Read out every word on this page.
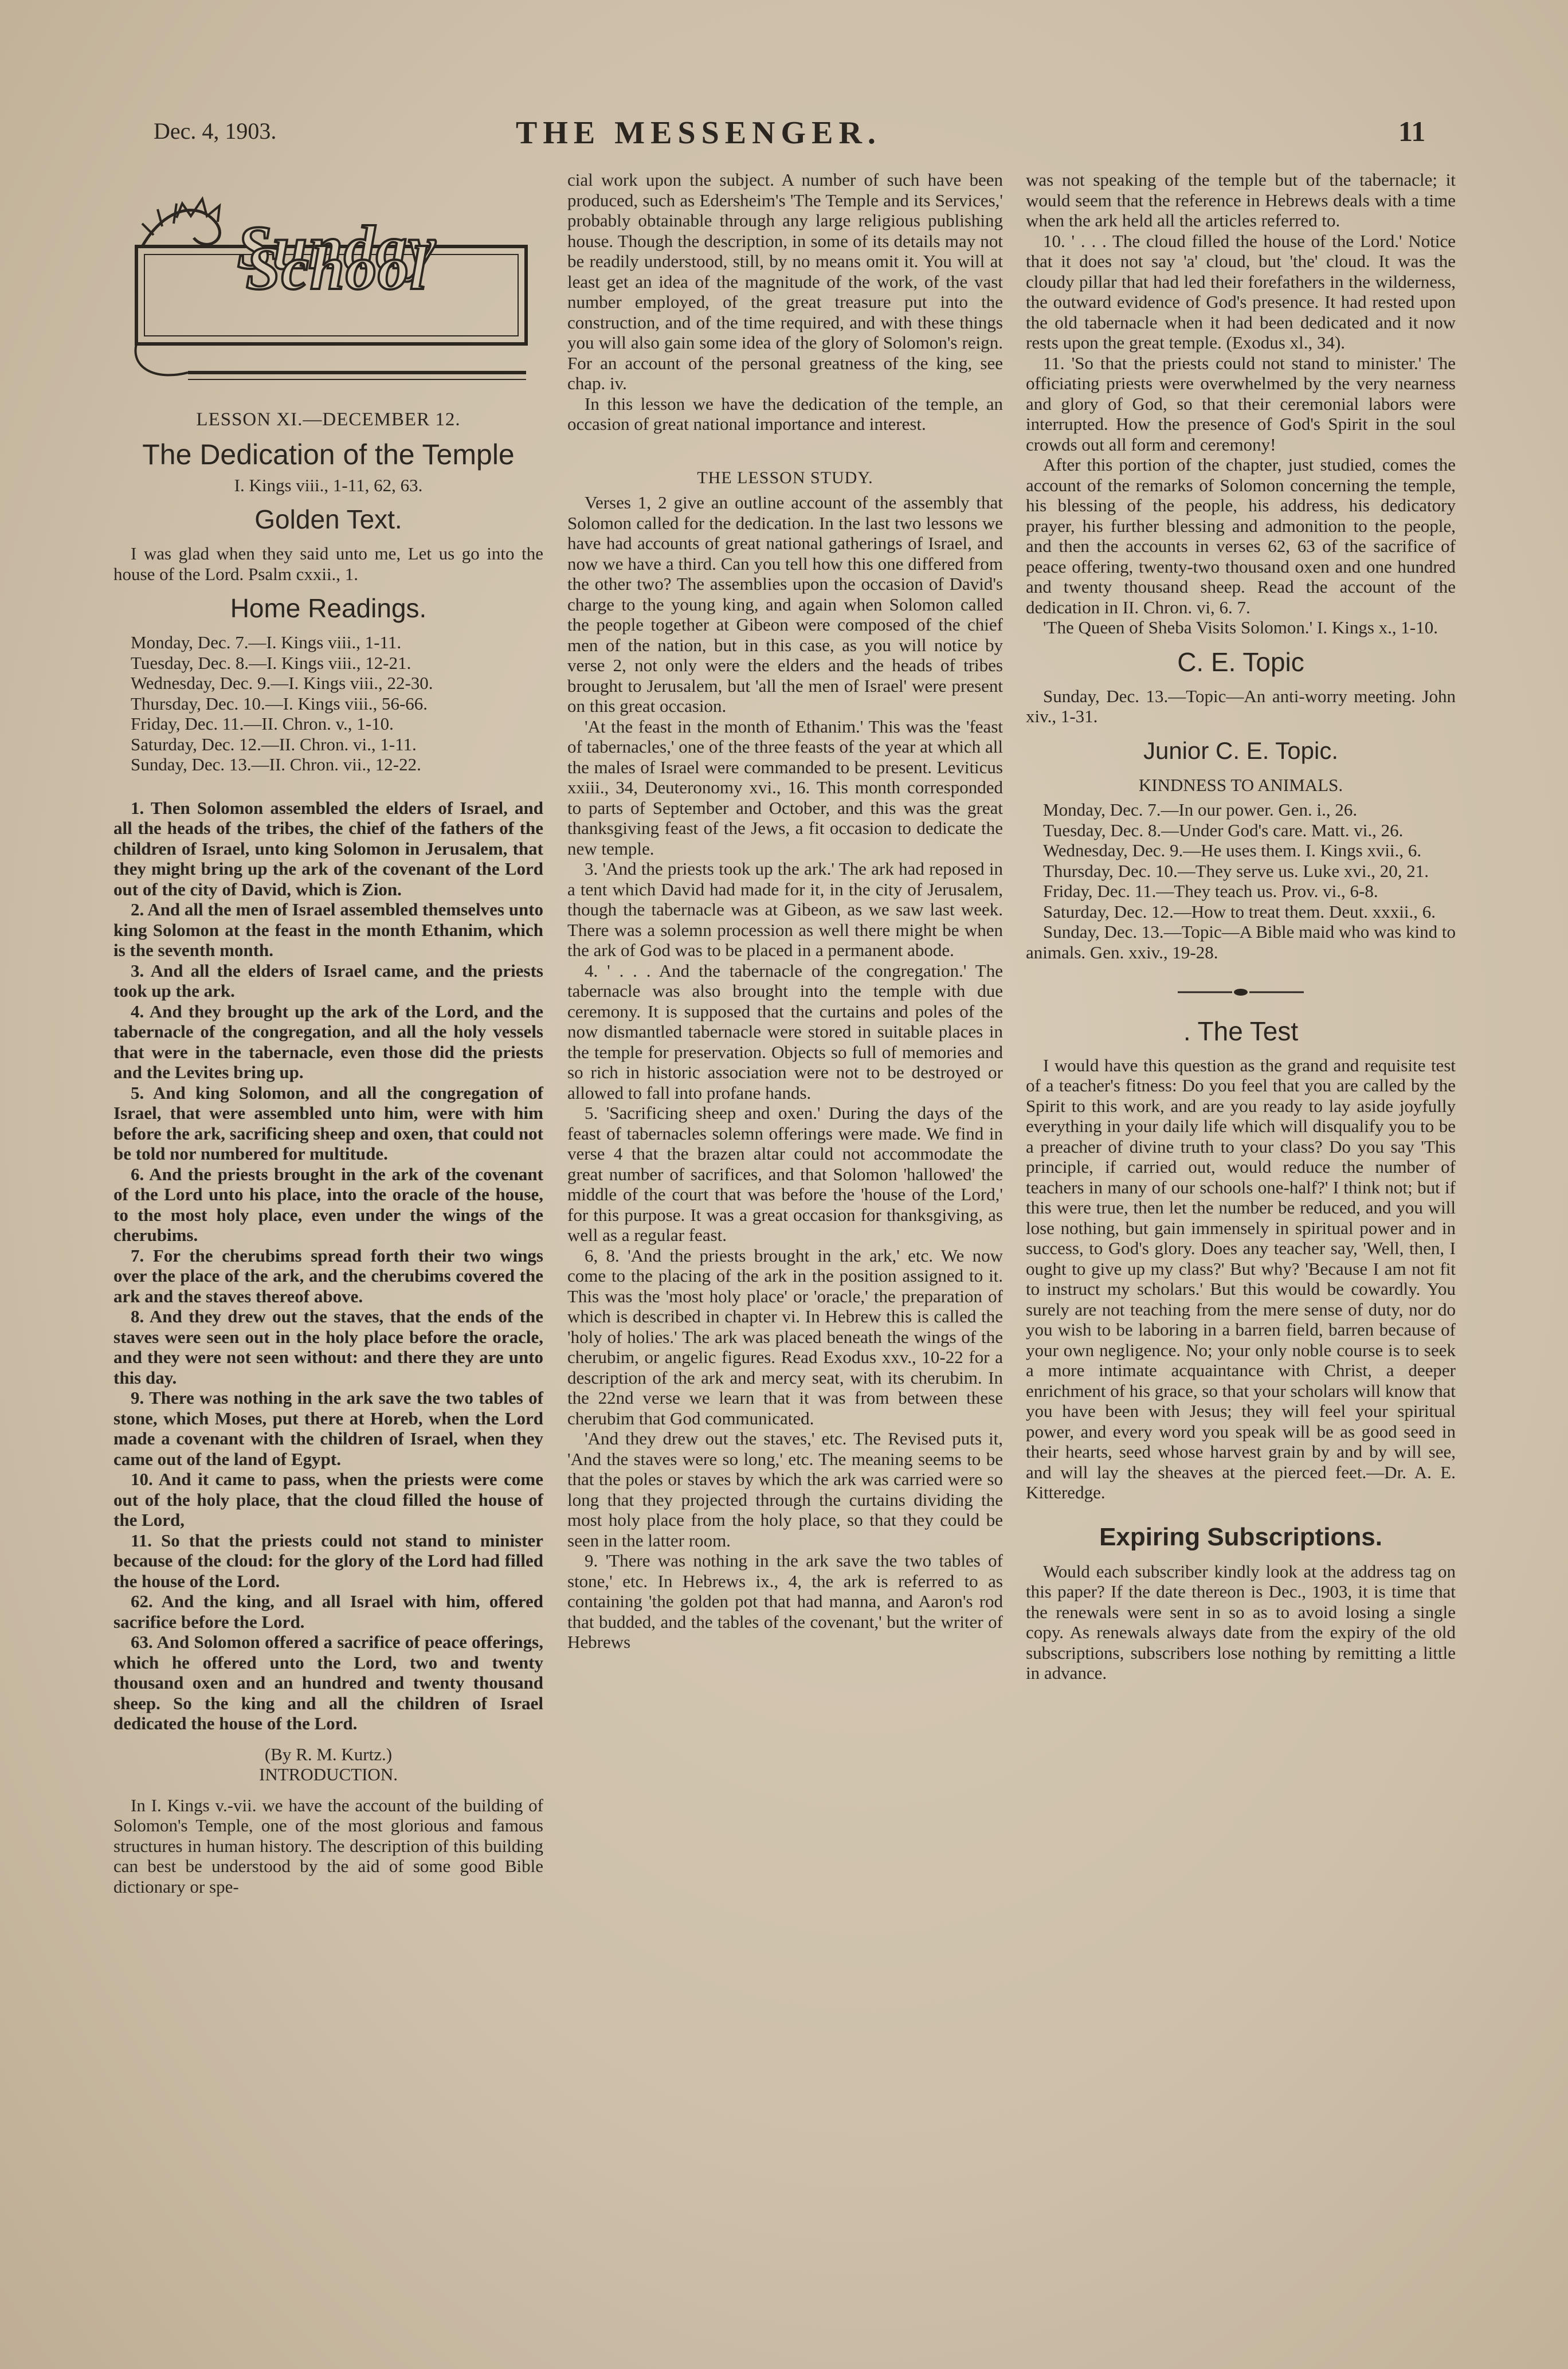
Dec. 4, 1903.	THE MESSENGER.	11
Sunday School

LESSON XI.—DECEMBER 12.

The Dedication of the Temple

I. Kings viii., 1-11, 62, 63.

Golden Text.

I was glad when they said unto me, Let us go into the house of the Lord. Psalm cxxii., 1.

Home Readings.

Monday, Dec. 7.—I. Kings viii., 1-11.

Tuesday, Dec. 8.—I. Kings viii., 12-21.

Wednesday, Dec. 9.—I. Kings viii., 22-30.

Thursday, Dec. 10.—I. Kings viii., 56-66.

Friday, Dec. 11.—II. Chron. v., 1-10.

Saturday, Dec. 12.—II. Chron. vi., 1-11.

Sunday, Dec. 13.—II. Chron. vii., 12-22.

1. Then Solomon assembled the elders of Israel, and all the heads of the tribes, the chief of the fathers of the children of Israel, unto king Solomon in Jerusalem, that they might bring up the ark of the covenant of the Lord out of the city of David, which is Zion.

2. And all the men of Israel assembled themselves unto king Solomon at the feast in the month Ethanim, which is the seventh month.

3. And all the elders of Israel came, and the priests took up the ark.

4. And they brought up the ark of the Lord, and the tabernacle of the congregation, and all the holy vessels that were in the tabernacle, even those did the priests and the Levites bring up.

5. And king Solomon, and all the congregation of Israel, that were assembled unto him, were with him before the ark, sacrificing sheep and oxen, that could not be told nor numbered for multitude.

6. And the priests brought in the ark of the covenant of the Lord unto his place, into the oracle of the house, to the most holy place, even under the wings of the cherubims.

7. For the cherubims spread forth their two wings over the place of the ark, and the cherubims covered the ark and the staves thereof above.

8. And they drew out the staves, that the ends of the staves were seen out in the holy place before the oracle, and they were not seen without: and there they are unto this day.

9. There was nothing in the ark save the two tables of stone, which Moses, put there at Horeb, when the Lord made a covenant with the children of Israel, when they came out of the land of Egypt.

10. And it came to pass, when the priests were come out of the holy place, that the cloud filled the house of the Lord,

11. So that the priests could not stand to minister because of the cloud: for the glory of the Lord had filled the house of the Lord.

62. And the king, and all Israel with him, offered sacrifice before the Lord.

63. And Solomon offered a sacrifice of peace offerings, which he offered unto the Lord, two and twenty thousand oxen and an hundred and twenty thousand sheep. So the king and all the children of Israel dedicated the house of the Lord.

(By R. M. Kurtz.)

INTRODUCTION.

In I. Kings v.-vii. we have the account of the building of Solomon's Temple, one of the most glorious and famous structures in human history. The description of this building can best be understood by the aid of some good Bible dictionary or spe-

cial work upon the subject. A number of such have been produced, such as Edersheim's 'The Temple and its Services,' probably obtainable through any large religious publishing house. Though the description, in some of its details may not be readily understood, still, by no means omit it. You will at least get an idea of the magnitude of the work, of the vast number employed, of the great treasure put into the construction, and of the time required, and with these things you will also gain some idea of the glory of Solomon's reign. For an account of the personal greatness of the king, see chap. iv.

In this lesson we have the dedication of the temple, an occasion of great national importance and interest.

THE LESSON STUDY.

Verses 1, 2 give an outline account of the assembly that Solomon called for the dedication. In the last two lessons we have had accounts of great national gatherings of Israel, and now we have a third. Can you tell how this one differed from the other two? The assemblies upon the occasion of David's charge to the young king, and again when Solomon called the people together at Gibeon were composed of the chief men of the nation, but in this case, as you will notice by verse 2, not only were the elders and the heads of tribes brought to Jerusalem, but 'all the men of Israel' were present on this great occasion.

'At the feast in the month of Ethanim.' This was the 'feast of tabernacles,' one of the three feasts of the year at which all the males of Israel were commanded to be present. Leviticus xxiii., 34, Deuteronomy xvi., 16. This month corresponded to parts of September and October, and this was the great thanksgiving feast of the Jews, a fit occasion to dedicate the new temple.

3. 'And the priests took up the ark.' The ark had reposed in a tent which David had made for it, in the city of Jerusalem, though the tabernacle was at Gibeon, as we saw last week. There was a solemn procession as well there might be when the ark of God was to be placed in a permanent abode.

4. ' . . . And the tabernacle of the congregation.' The tabernacle was also brought into the temple with due ceremony. It is supposed that the curtains and poles of the now dismantled tabernacle were stored in suitable places in the temple for preservation. Objects so full of memories and so rich in historic association were not to be destroyed or allowed to fall into profane hands.

5. 'Sacrificing sheep and oxen.' During the days of the feast of tabernacles solemn offerings were made. We find in verse 4 that the brazen altar could not accommodate the great number of sacrifices, and that Solomon 'hallowed' the middle of the court that was before the 'house of the Lord,' for this purpose. It was a great occasion for thanksgiving, as well as a regular feast.

6, 8. 'And the priests brought in the ark,' etc. We now come to the placing of the ark in the position assigned to it. This was the 'most holy place' or 'oracle,' the preparation of which is described in chapter vi. In Hebrew this is called the 'holy of holies.' The ark was placed beneath the wings of the cherubim, or angelic figures. Read Exodus xxv., 10-22 for a description of the ark and mercy seat, with its cherubim. In the 22nd verse we learn that it was from between these cherubim that God communicated.

'And they drew out the staves,' etc. The Revised puts it, 'And the staves were so long,' etc. The meaning seems to be that the poles or staves by which the ark was carried were so long that they projected through the curtains dividing the most holy place from the holy place, so that they could be seen in the latter room.

9. 'There was nothing in the ark save the two tables of stone,' etc. In Hebrews ix., 4, the ark is referred to as containing 'the golden pot that had manna, and Aaron's rod that budded, and the tables of the covenant,' but the writer of Hebrews

was not speaking of the temple but of the tabernacle; it would seem that the reference in Hebrews deals with a time when the ark held all the articles referred to.

10. ' . . . The cloud filled the house of the Lord.' Notice that it does not say 'a' cloud, but 'the' cloud. It was the cloudy pillar that had led their forefathers in the wilderness, the outward evidence of God's presence. It had rested upon the old tabernacle when it had been dedicated and it now rests upon the great temple. (Exodus xl., 34).

11. 'So that the priests could not stand to minister.' The officiating priests were overwhelmed by the very nearness and glory of God, so that their ceremonial labors were interrupted. How the presence of God's Spirit in the soul crowds out all form and ceremony!

After this portion of the chapter, just studied, comes the account of the remarks of Solomon concerning the temple, his blessing of the people, his address, his dedicatory prayer, his further blessing and admonition to the people, and then the accounts in verses 62, 63 of the sacrifice of peace offering, twenty-two thousand oxen and one hundred and twenty thousand sheep. Read the account of the dedication in II. Chron. vi, 6. 7.

'The Queen of Sheba Visits Solomon.' I. Kings x., 1-10.

C. E. Topic

Sunday, Dec. 13.—Topic—An anti-worry meeting. John xiv., 1-31.

Junior C. E. Topic.

KINDNESS TO ANIMALS.

Monday, Dec. 7.—In our power. Gen. i., 26.

Tuesday, Dec. 8.—Under God's care. Matt. vi., 26.

Wednesday, Dec. 9.—He uses them. I. Kings xvii., 6.

Thursday, Dec. 10.—They serve us. Luke xvi., 20, 21.

Friday, Dec. 11.—They teach us. Prov. vi., 6-8.

Saturday, Dec. 12.—How to treat them. Deut. xxxii., 6.

Sunday, Dec. 13.—Topic—A Bible maid who was kind to animals. Gen. xxiv., 19-28.

. The Test

I would have this question as the grand and requisite test of a teacher's fitness: Do you feel that you are called by the Spirit to this work, and are you ready to lay aside joyfully everything in your daily life which will disqualify you to be a preacher of divine truth to your class? Do you say 'This principle, if carried out, would reduce the number of teachers in many of our schools one-half?' I think not; but if this were true, then let the number be reduced, and you will lose nothing, but gain immensely in spiritual power and in success, to God's glory. Does any teacher say, 'Well, then, I ought to give up my class?' But why? 'Because I am not fit to instruct my scholars.' But this would be cowardly. You surely are not teaching from the mere sense of duty, nor do you wish to be laboring in a barren field, barren because of your own negligence. No; your only noble course is to seek a more intimate acquaintance with Christ, a deeper enrichment of his grace, so that your scholars will know that you have been with Jesus; they will feel your spiritual power, and every word you speak will be as good seed in their hearts, seed whose harvest grain by and by will see, and will lay the sheaves at the pierced feet.—Dr. A. E. Kitteredge.

Expiring Subscriptions.

Would each subscriber kindly look at the address tag on this paper? If the date thereon is Dec., 1903, it is time that the renewals were sent in so as to avoid losing a single copy. As renewals always date from the expiry of the old subscriptions, subscribers lose nothing by remitting a little in advance.
